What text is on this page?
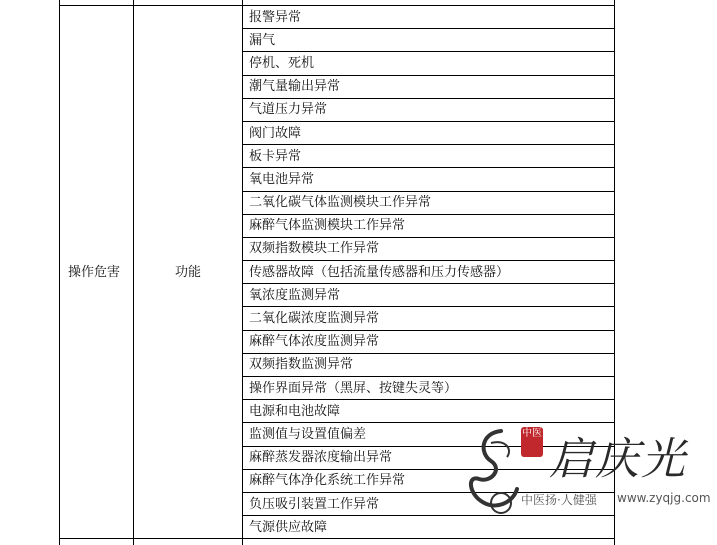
操作危害	功能	报警异常
		漏气
		停机、死机
		潮气量输出异常
		气道压力异常
		阀门故障
		板卡异常
		氧电池异常
		二氧化碳气体监测模块工作异常
		麻醉气体监测模块工作异常
		双频指数模块工作异常
		传感器故障（包括流量传感器和压力传感器）
		氧浓度监测异常
		二氧化碳浓度监测异常
		麻醉气体浓度监测异常
		双频指数监测异常
		操作界面异常（黑屏、按键失灵等）
		电源和电池故障
		监测值与设置值偏差
		麻醉蒸发器浓度输出异常
		麻醉气体净化系统工作异常
		负压吸引装置工作异常
		气源供应故障

中医
启庆光
中医扬·人健强 www.zyqjg.com
